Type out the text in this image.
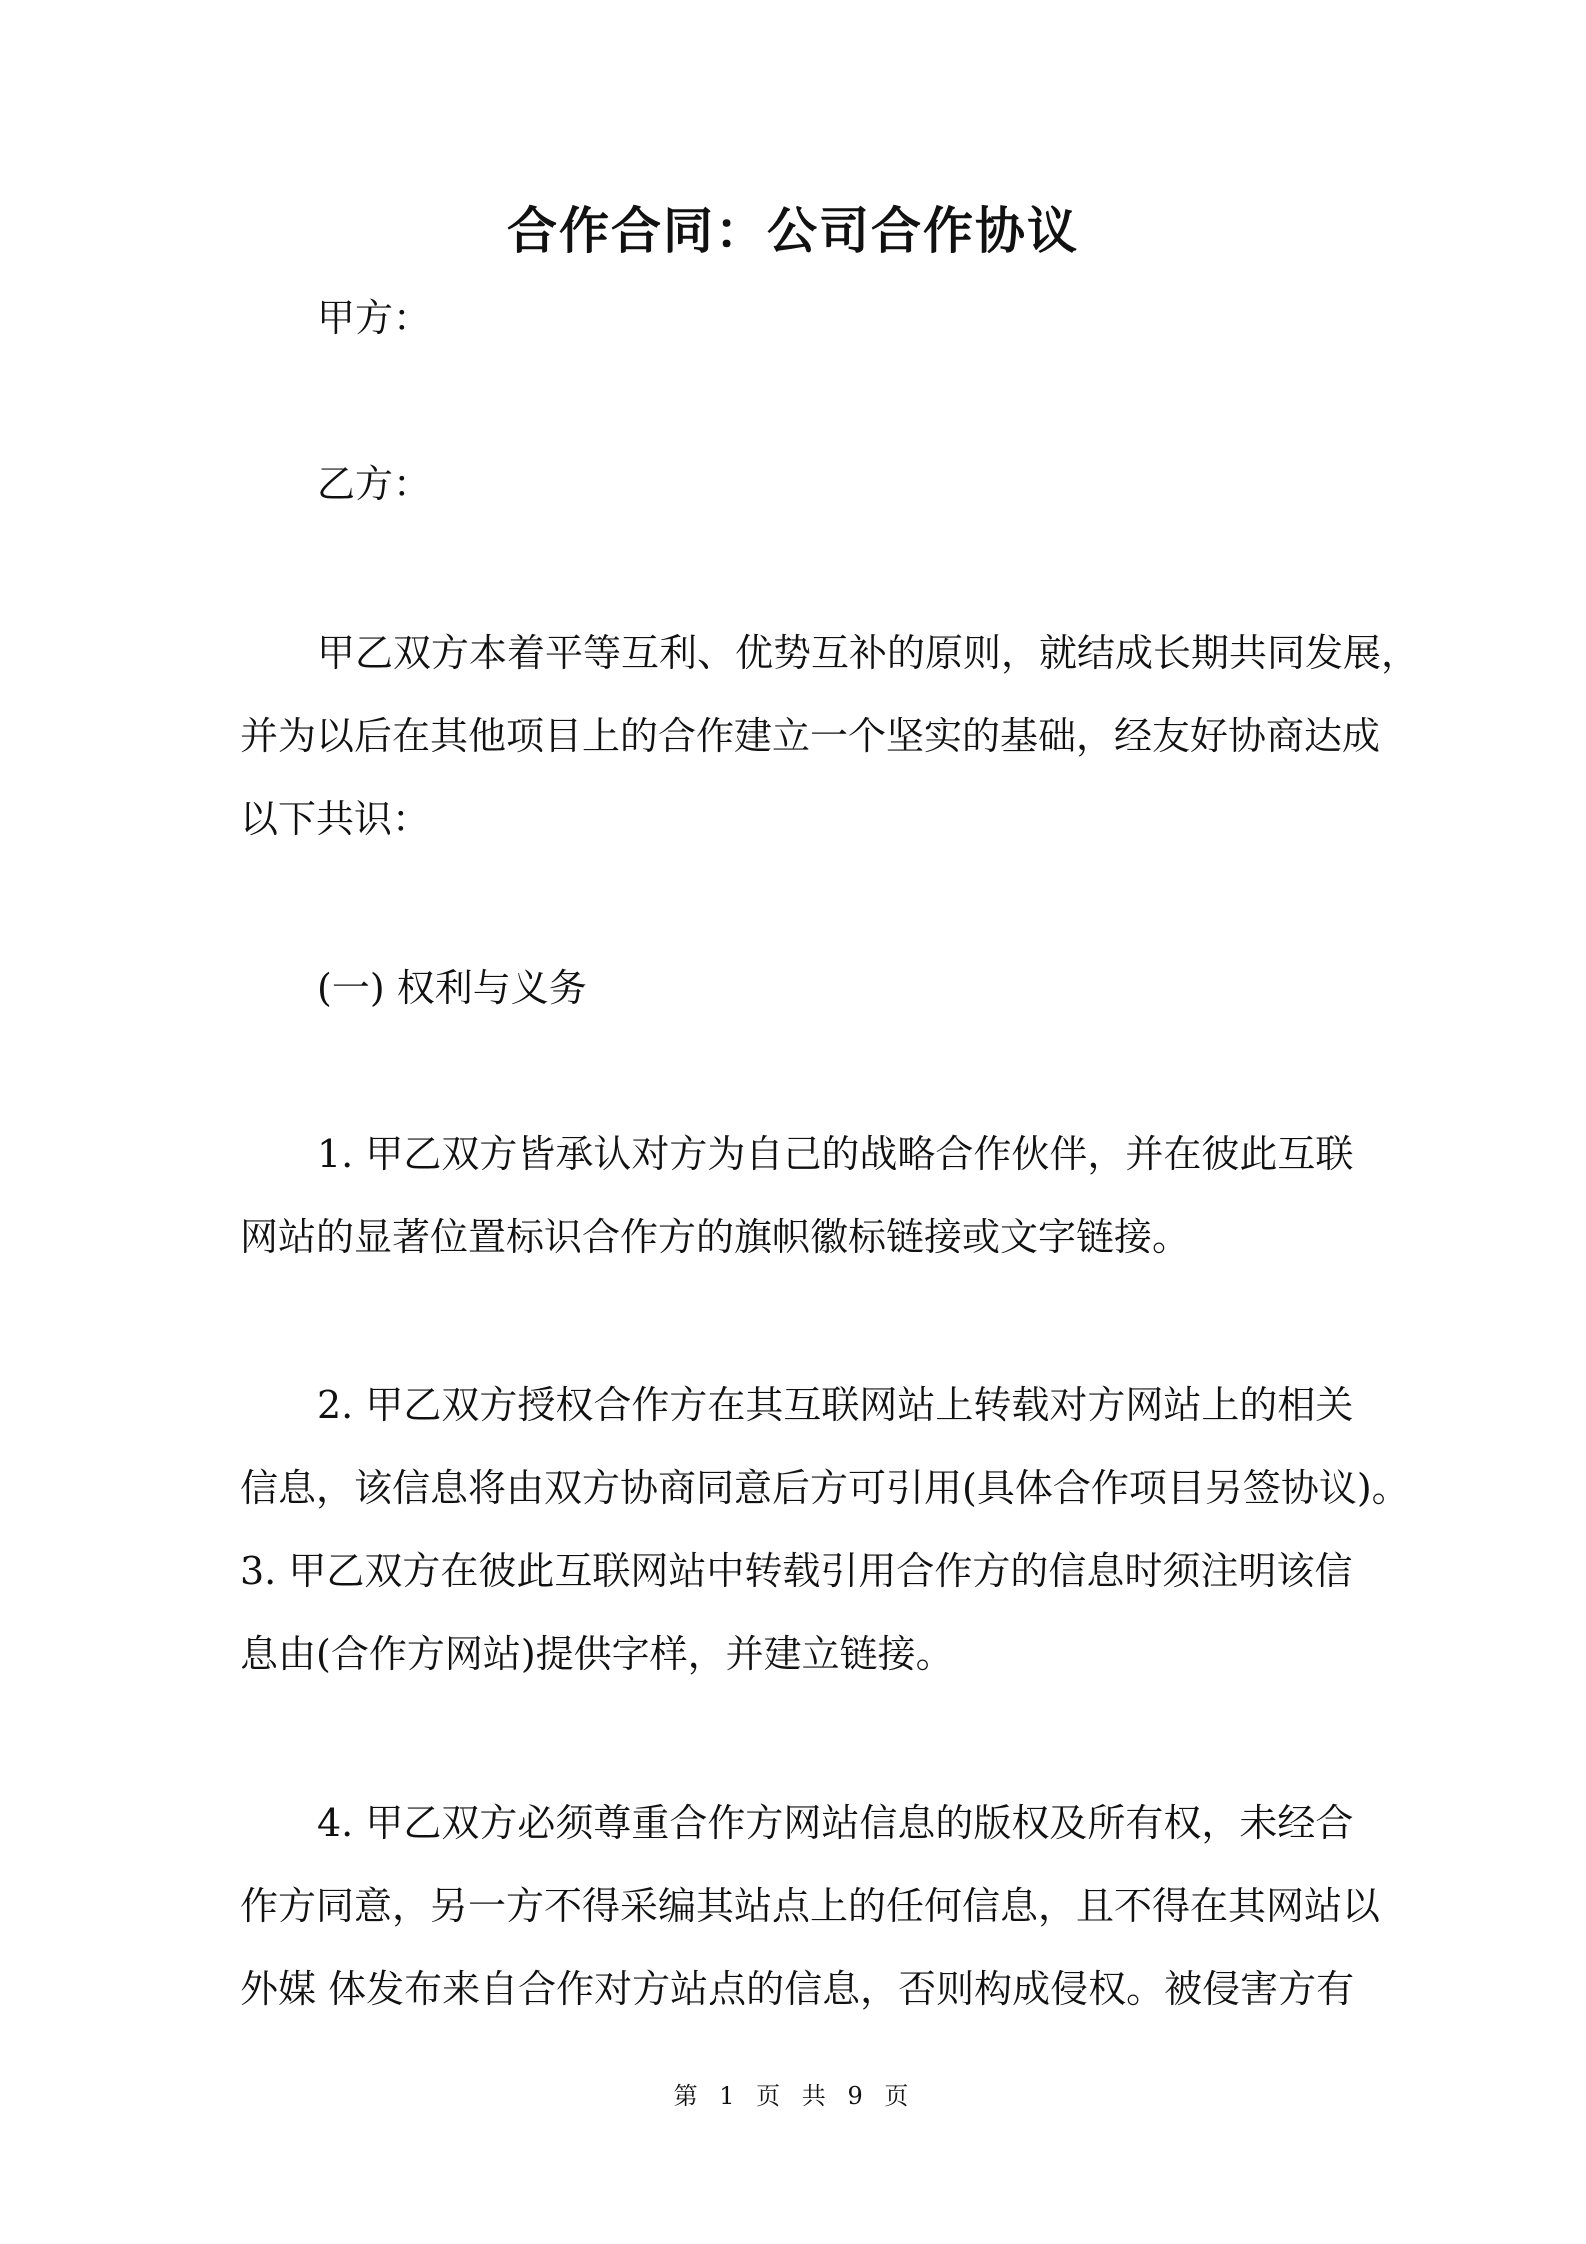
合作合同：公司合作协议

甲方：

乙方：

甲乙双方本着平等互利、优势互补的原则，就结成长期共同发展，

并为以后在其他项目上的合作建立一个坚实的基础，经友好协商达成

以下共识：

(一) 权利与义务

1. 甲乙双方皆承认对方为自己的战略合作伙伴，并在彼此互联

网站的显著位置标识合作方的旗帜徽标链接或文字链接。

2. 甲乙双方授权合作方在其互联网站上转载对方网站上的相关

信息，该信息将由双方协商同意后方可引用(具体合作项目另签协议)。

3. 甲乙双方在彼此互联网站中转载引用合作方的信息时须注明该信

息由(合作方网站)提供字样，并建立链接。

4. 甲乙双方必须尊重合作方网站信息的版权及所有权，未经合

作方同意，另一方不得采编其站点上的任何信息，且不得在其网站以

外媒 体发布来自合作对方站点的信息，否则构成侵权。被侵害方有

第 1 页 共 9 页
